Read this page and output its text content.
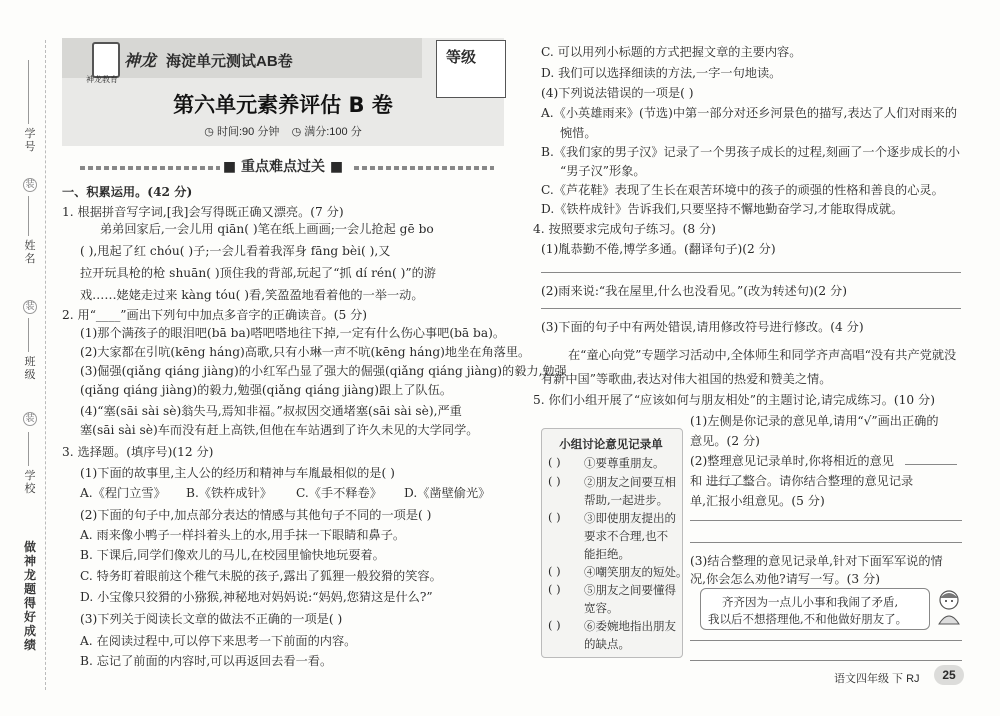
学号
装
姓名
装
班级
装
学校
做神龙题 得好成绩
神龙教育
神龙 海淀单元测试AB卷	等级
第六单元素养评估 B 卷
◷ 时间:90 分钟 ◷ 满分:100 分
■ 重点难点过关 ■
一、积累运用。(42 分)
1. 根据拼音写字词,[我]会写得既正确又漂亮。(7 分)
弟弟回家后,一会儿用 qiān( )笔在纸上画画;一会儿抢起 gē bo
( ),甩起了红 chóu( )子;一会儿看着我浑身 fāng bèi( ),又
拉开玩具枪的枪 shuān( )顶住我的背部,玩起了“抓 dí rén( )”的游
戏……姥姥走过来 kàng tóu( )看,笑盈盈地看着他的一举一动。
2. 用“____”画出下列句中加点多音字的正确读音。(5 分)
(1)那个满孩子的眼泪吧(bā ba)嗒吧嗒地往下掉,一定有什么伤心事吧(bā ba)。
(2)大家都在引吭(kēng háng)高歌,只有小琳一声不吭(kēng háng)地坐在角落里。
(3)倔强(qiǎng qiáng jiàng)的小红军凸显了强大的倔强(qiǎng qiáng jiàng)的毅力,勉强
(qiǎng qiáng jiàng)的毅力,勉强(qiǎng qiáng jiàng)跟上了队伍。
(4)“塞(sāi sài sè)翁失马,焉知非福。”叔叔因交通堵塞(sāi sài sè),严重
塞(sāi sài sè)车而没有赶上高铁,但他在车站遇到了许久未见的大学同学。
3. 选择题。(填序号)(12 分)
(1)下面的故事里,主人公的经历和精神与车胤最相似的是( )
A.《程门立雪》 B.《铁杵成针》 C.《手不释卷》 D.《凿壁偷光》
(2)下面的句子中,加点部分表达的情感与其他句子不同的一项是( )
A. 雨来像小鸭子一样抖着头上的水,用手抹一下眼睛和鼻子。
B. 下课后,同学们像欢儿的马儿,在校园里愉快地玩耍着。
C. 特务盯着眼前这个稚气未脱的孩子,露出了狐狸一般狡猾的笑容。
D. 小宝像只狡猾的小猕猴,神秘地对妈妈说:“妈妈,您猜这是什么?”
(3)下列关于阅读长文章的做法不正确的一项是( )
A. 在阅读过程中,可以停下来思考一下前面的内容。
B. 忘记了前面的内容时,可以再返回去看一看。
C. 可以用列小标题的方式把握文章的主要内容。
D. 我们可以选择细读的方法,一字一句地读。
(4)下列说法错误的一项是( )
A.《小英雄雨来》(节选)中第一部分对还乡河景色的描写,表达了人们对雨来的
惋惜。
B.《我们家的男子汉》记录了一个男孩子成长的过程,刻画了一个逐步成长的小
“男子汉”形象。
C.《芦花鞋》表现了生长在艰苦环境中的孩子的顽强的性格和善良的心灵。
D.《铁杵成针》告诉我们,只要坚持不懈地勤奋学习,才能取得成就。
4. 按照要求完成句子练习。(8 分)
(1)胤恭勤不倦,博学多通。(翻译句子)(2 分)
(2)雨来说:“我在屋里,什么也没看见。”(改为转述句)(2 分)
(3)下面的句子中有两处错误,请用修改符号进行修改。(4 分)
在“童心向党”专题学习活动中,全体师生和同学齐声高唱“没有共产党就没
有新中国”等歌曲,表达对伟大祖国的热爱和赞美之情。
5. 你们小组开展了“应该如何与朋友相处”的主题讨论,请完成练习。(10 分)
小组讨论意见记录单
( ) ①要尊重朋友。
( ) ②朋友之间要互相
帮助,一起进步。
( ) ③即使朋友提出的
要求不合理,也不
能拒绝。
( ) ④嘲笑朋友的短处。
( ) ⑤朋友之间要懂得
宽容。
( ) ⑥委婉地指出朋友
的缺点。
(1)左侧是你记录的意见单,请用“√”画出正确的
意见。(2 分)
(2)整理意见记录单时,你将相近的意见
和 进行了整合。请你结合整理的意见记录
单,汇报小组意见。(5 分)
(3)结合整理的意见记录单,针对下面军军说的情
况,你会怎么劝他?请写一写。(3 分)
齐齐因为一点儿小事和我闹了矛盾,
我以后不想搭理他,不和他做好朋友了。
语文四年级 下 RJ	25
